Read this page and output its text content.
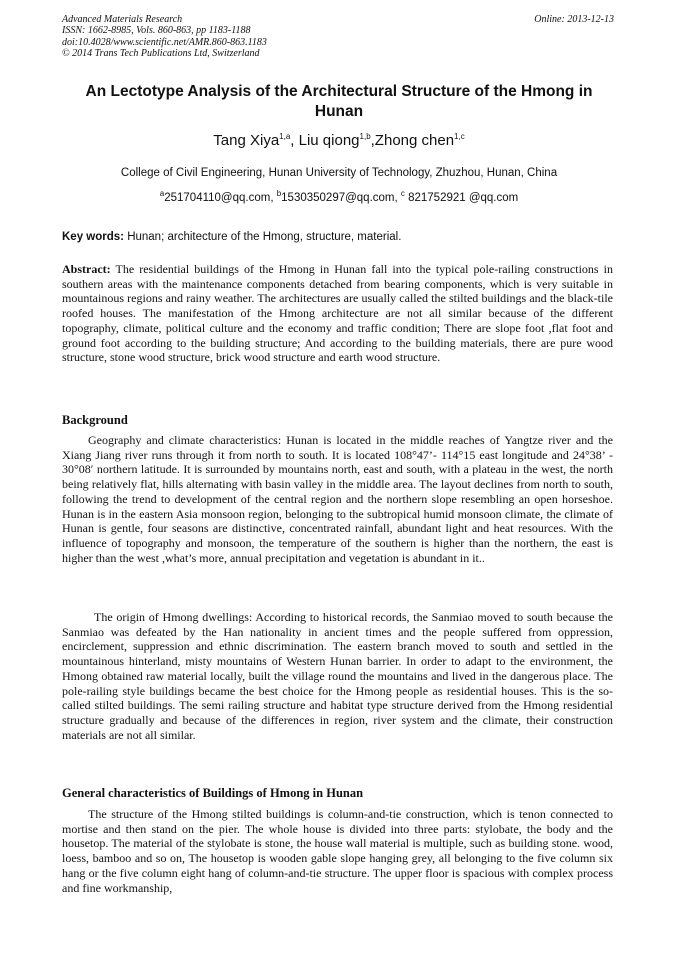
Advanced Materials Research
ISSN: 1662-8985, Vols. 860-863, pp 1183-1188
doi:10.4028/www.scientific.net/AMR.860-863.1183
© 2014 Trans Tech Publications Ltd, Switzerland
Online: 2013-12-13
An Lectotype Analysis of the Architectural Structure of the Hmong in Hunan
Tang Xiya$^{1,a}$, Liu qiong$^{1,b}$,Zhong chen$^{1,c}$
College of Civil Engineering, Hunan University of Technology, Zhuzhou, Hunan, China
$^a$251704110@qq.com, $^b$1530350297@qq.com, $^c$ 821752921 @qq.com
Key words: Hunan; architecture of the Hmong, structure, material.
Abstract: The residential buildings of the Hmong in Hunan fall into the typical pole-railing constructions in southern areas with the maintenance components detached from bearing components, which is very suitable in mountainous regions and rainy weather. The architectures are usually called the stilted buildings and the black-tile roofed houses. The manifestation of the Hmong architecture are not all similar because of the different topography, climate, political culture and the economy and traffic condition; There are slope foot ,flat foot and ground foot according to the building structure; And according to the building materials, there are pure wood structure, stone wood structure, brick wood structure and earth wood structure.
Background
Geography and climate characteristics: Hunan is located in the middle reaches of Yangtze river and the Xiang Jiang river runs through it from north to south. It is located 108°47’- 114°15 east longitude and 24°38’ - 30°08′ northern latitude. It is surrounded by mountains north, east and south, with a plateau in the west, the north being relatively flat, hills alternating with basin valley in the middle area. The layout declines from north to south, following the trend to development of the central region and the northern slope resembling an open horseshoe. Hunan is in the eastern Asia monsoon region, belonging to the subtropical humid monsoon climate, the climate of Hunan is gentle, four seasons are distinctive, concentrated rainfall, abundant light and heat resources. With the influence of topography and monsoon, the temperature of the southern is higher than the northern, the east is higher than the west ,what’s more, annual precipitation and vegetation is abundant in it..
The origin of Hmong dwellings: According to historical records, the Sanmiao moved to south because the Sanmiao was defeated by the Han nationality in ancient times and the people suffered from oppression, encirclement, suppression and ethnic discrimination. The eastern branch moved to south and settled in the mountainous hinterland, misty mountains of Western Hunan barrier. In order to adapt to the environment, the Hmong obtained raw material locally, built the village round the mountains and lived in the dangerous place. The pole-railing style buildings became the best choice for the Hmong people as residential houses. This is the so-called stilted buildings. The semi railing structure and habitat type structure derived from the Hmong residential structure gradually and because of the differences in region, river system and the climate, their construction materials are not all similar.
General characteristics of Buildings of Hmong in Hunan
The structure of the Hmong stilted buildings is column-and-tie construction, which is tenon connected to mortise and then stand on the pier. The whole house is divided into three parts: stylobate, the body and the housetop. The material of the stylobate is stone, the house wall material is multiple, such as building stone. wood, loess, bamboo and so on, The housetop is wooden gable slope hanging grey, all belonging to the five column six hang or the five column eight hang of column-and-tie structure. The upper floor is spacious with complex process and fine workmanship,
